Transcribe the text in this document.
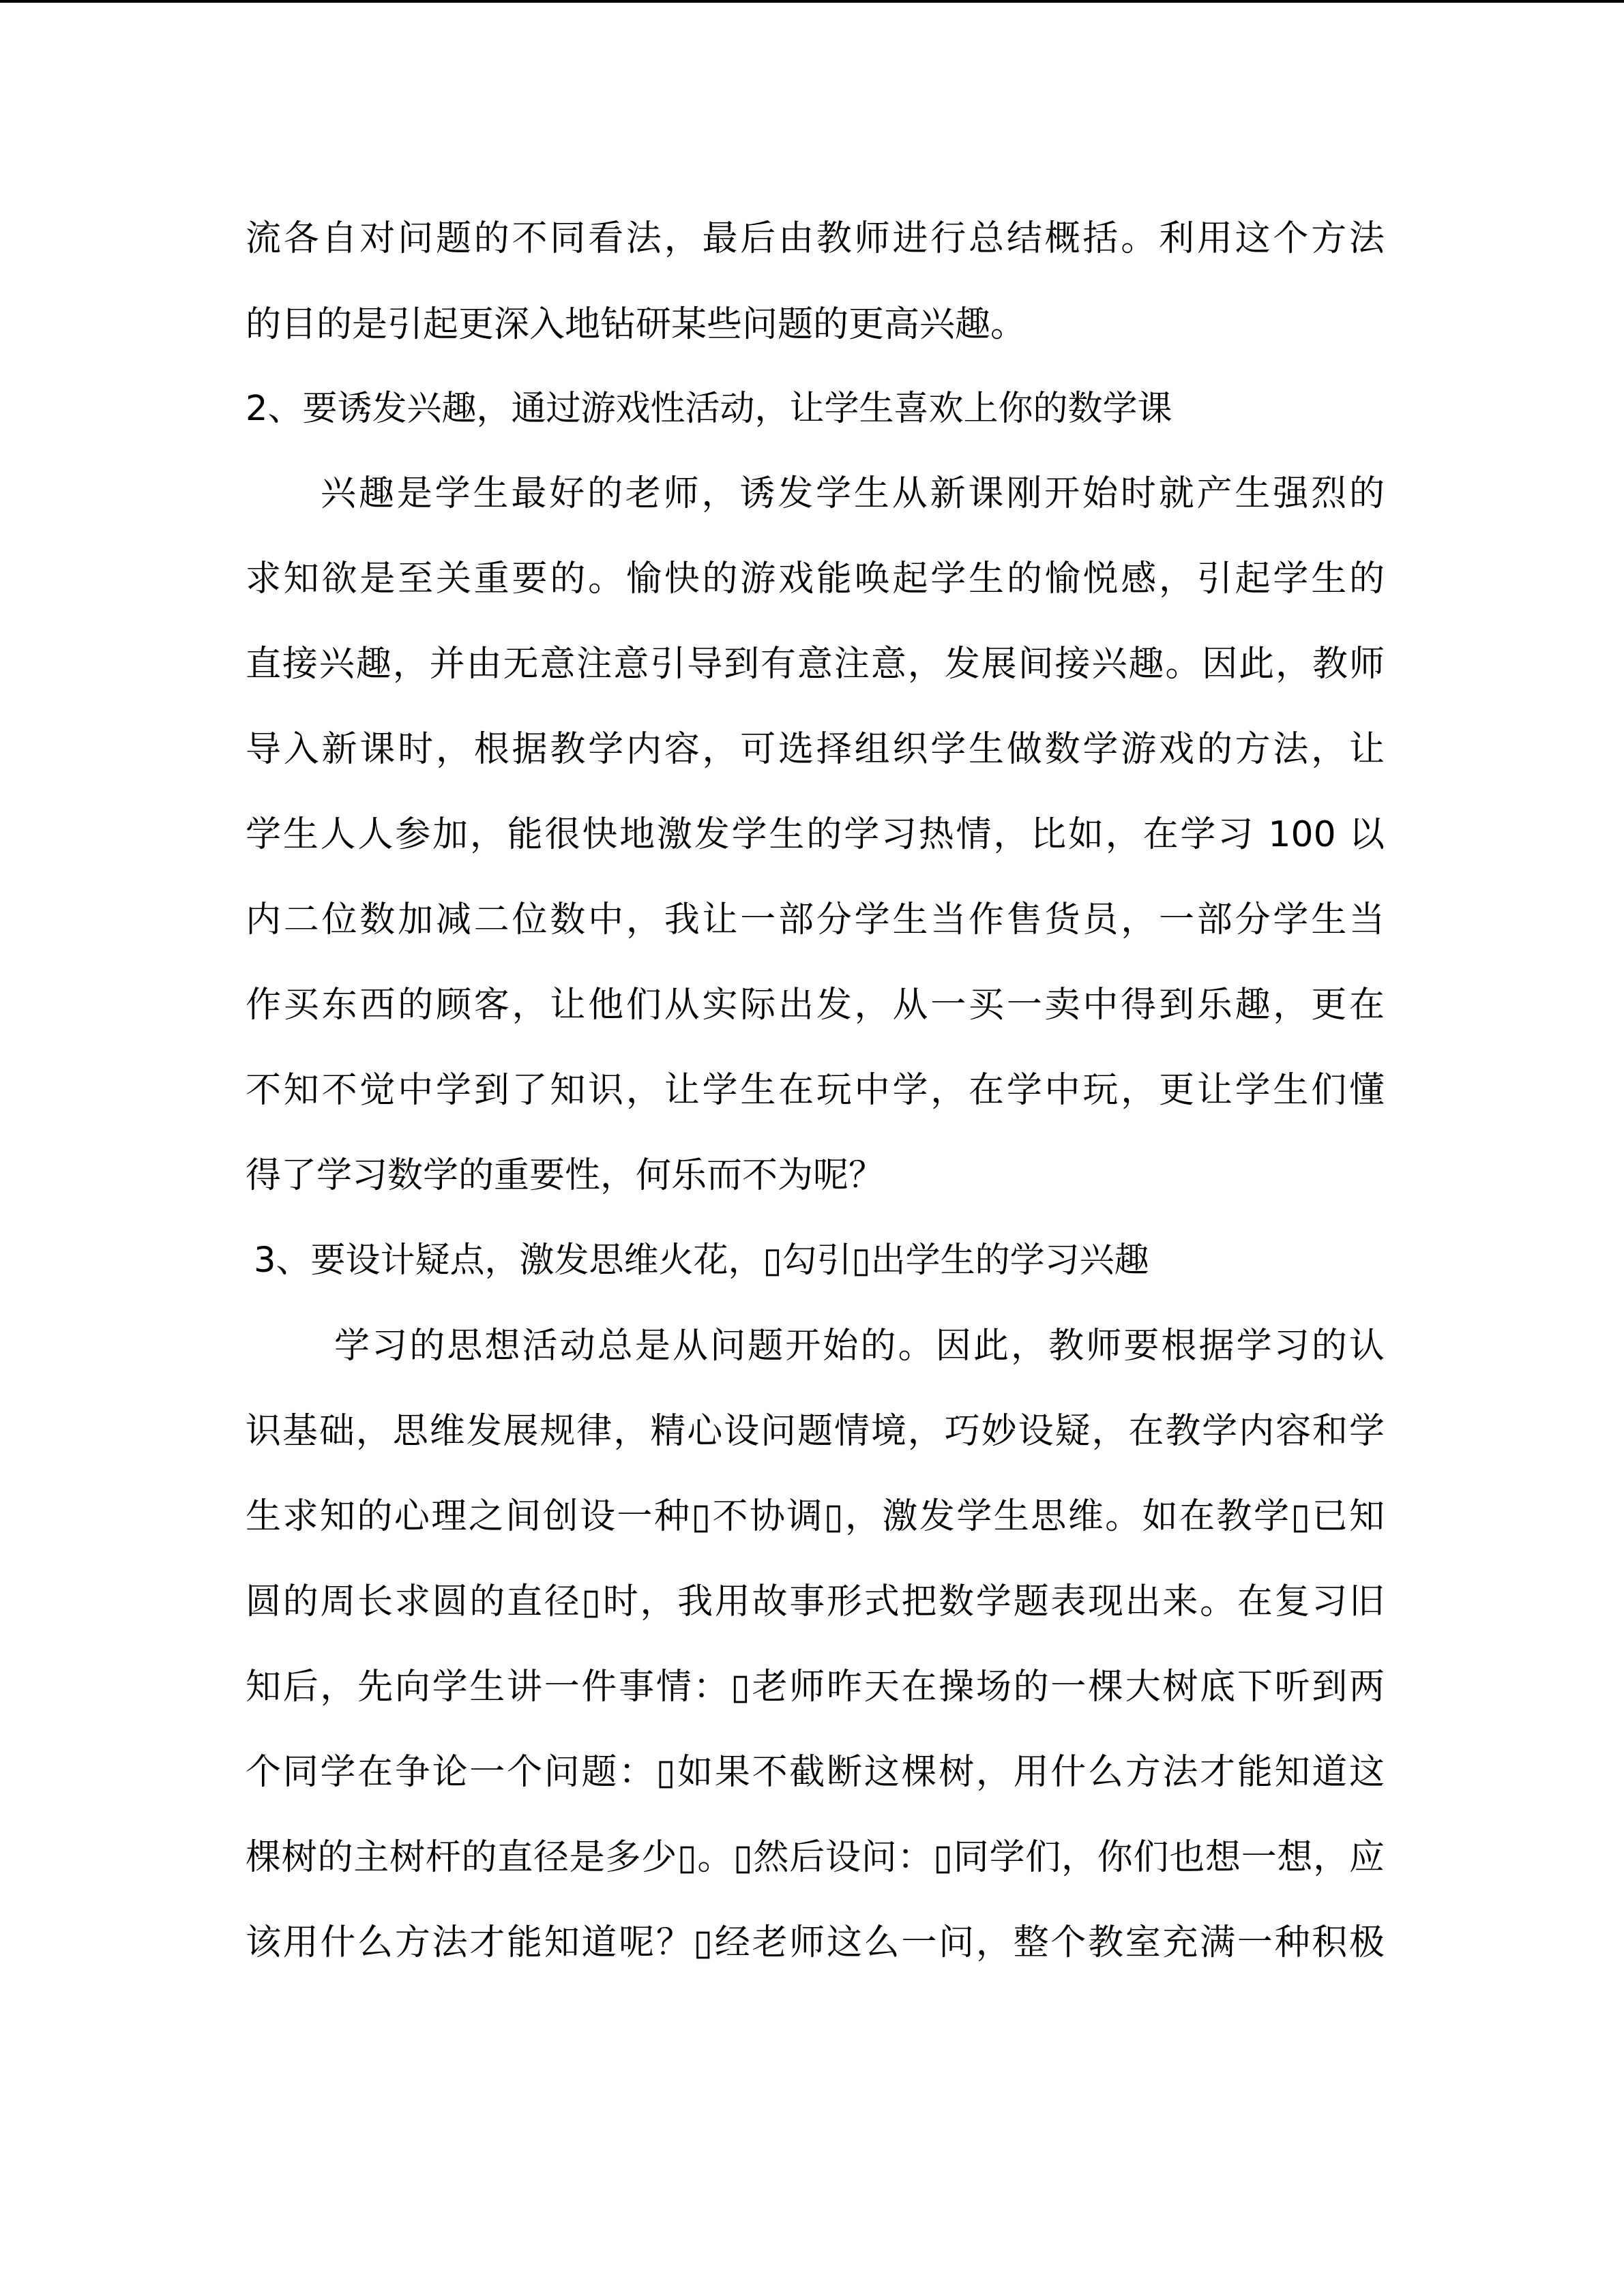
流各自对问题的不同看法，最后由教师进行总结概括。利用这个方法
的目的是引起更深入地钻研某些问题的更高兴趣。
2、要诱发兴趣，通过游戏性活动，让学生喜欢上你的数学课
兴趣是学生最好的老师，诱发学生从新课刚开始时就产生强烈的
求知欲是至关重要的。愉快的游戏能唤起学生的愉悦感，引起学生的
直接兴趣，并由无意注意引导到有意注意，发展间接兴趣。因此，教师
导入新课时，根据教学内容，可选择组织学生做数学游戏的方法，让
学生人人参加，能很快地激发学生的学习热情，比如，在学习 100 以
内二位数加减二位数中，我让一部分学生当作售货员，一部分学生当
作买东西的顾客，让他们从实际出发，从一买一卖中得到乐趣，更在
不知不觉中学到了知识，让学生在玩中学，在学中玩，更让学生们懂
得了学习数学的重要性，何乐而不为呢？
3、要设计疑点，激发思维火花，▯勾引▯出学生的学习兴趣
学习的思想活动总是从问题开始的。因此，教师要根据学习的认
识基础，思维发展规律，精心设问题情境，巧妙设疑，在教学内容和学
生求知的心理之间创设一种▯不协调▯，激发学生思维。如在教学▯已知
圆的周长求圆的直径▯时，我用故事形式把数学题表现出来。在复习旧
知后，先向学生讲一件事情：▯老师昨天在操场的一棵大树底下听到两
个同学在争论一个问题：▯如果不截断这棵树，用什么方法才能知道这
棵树的主树杆的直径是多少▯。▯然后设问：▯同学们，你们也想一想，应
该用什么方法才能知道呢？▯经老师这么一问，整个教室充满一种积极
